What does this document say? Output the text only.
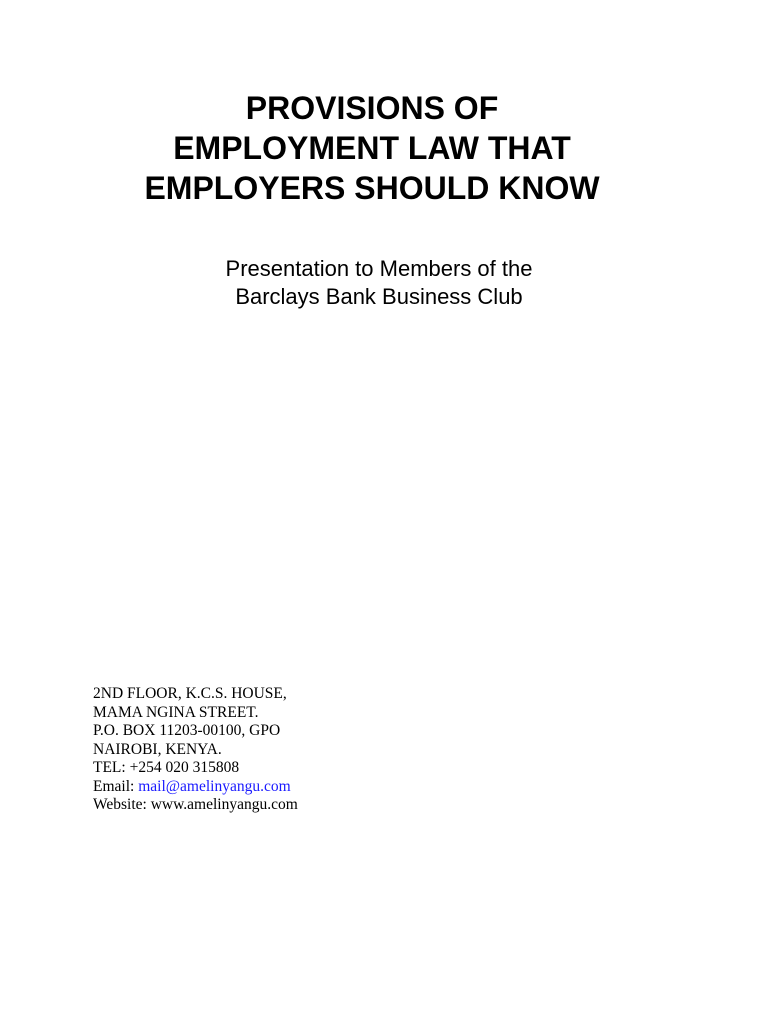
PROVISIONS OF
EMPLOYMENT LAW THAT
EMPLOYERS SHOULD KNOW
Presentation to Members of the
Barclays Bank Business Club
2ND FLOOR, K.C.S. HOUSE,
MAMA NGINA STREET.
P.O. BOX 11203-00100, GPO
NAIROBI, KENYA.
TEL: +254 020 315808
Email: mail@amelinyangu.com
Website: www.amelinyangu.com
